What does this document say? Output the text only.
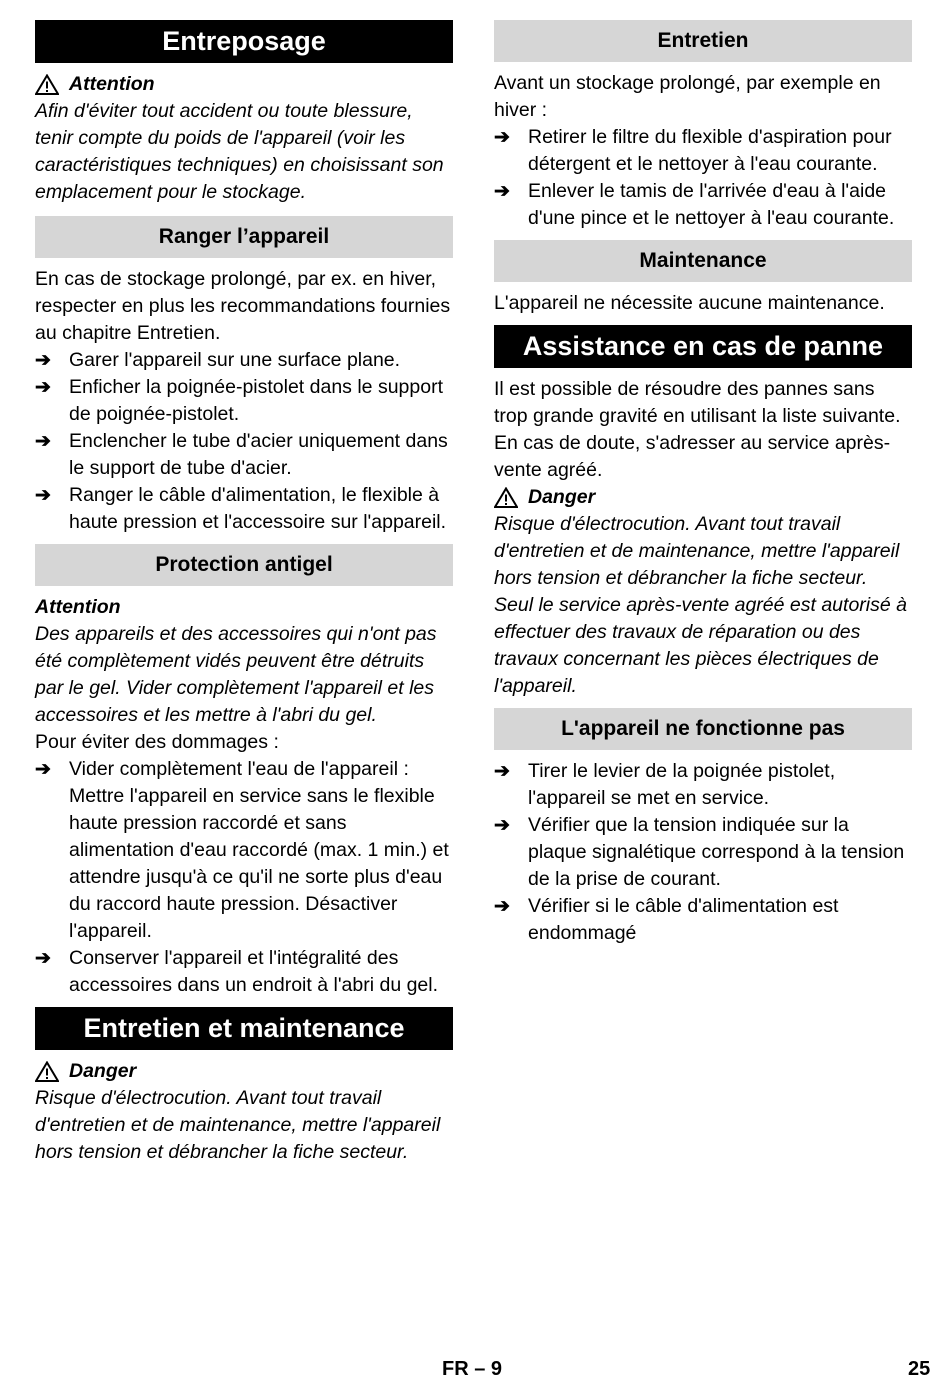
Entreposage
Attention

Afin d'éviter tout accident ou toute blessure, tenir compte du poids de l'appareil (voir les caractéristiques techniques) en choisissant son emplacement pour le stockage.

Ranger l’appareil

En cas de stockage prolongé, par ex. en hiver, respecter en plus les recommandations fournies au chapitre Entretien.

➔ Garer l'appareil sur une surface plane.
➔ Enficher la poignée-pistolet dans le support de poignée-pistolet.
➔ Enclencher le tube d'acier uniquement dans le support de tube d'acier.
➔ Ranger le câble d'alimentation, le flexible à haute pression et l'accessoire sur l'appareil.
Protection antigel
Attention

Des appareils et des accessoires qui n'ont pas été complètement vidés peuvent être détruits par le gel. Vider complètement l'appareil et les accessoires et les mettre à l'abri du gel.

Pour éviter des dommages :

➔ Vider complètement l'eau de l'appareil : Mettre l'appareil en service sans le flexible haute pression raccordé et sans alimentation d'eau raccordé (max. 1 min.) et attendre jusqu'à ce qu'il ne sorte plus d'eau du raccord haute pression. Désactiver l'appareil.
➔ Conserver l'appareil et l'intégralité des accessoires dans un endroit à l'abri du gel.
Entretien et maintenance
Danger

Risque d'électrocution. Avant tout travail d'entretien et de maintenance, mettre l'appareil hors tension et débrancher la fiche secteur.

Entretien

Avant un stockage prolongé, par exemple en hiver :

➔ Retirer le filtre du flexible d'aspiration pour détergent et le nettoyer à l'eau courante.
➔ Enlever le tamis de l'arrivée d'eau à l'aide d'une pince et le nettoyer à l'eau courante.
Maintenance

L'appareil ne nécessite aucune maintenance.

Assistance en cas de panne

Il est possible de résoudre des pannes sans trop grande gravité en utilisant la liste suivante.

En cas de doute, s'adresser au service après-vente agréé.

Danger

Risque d'électrocution. Avant tout travail d'entretien et de maintenance, mettre l'appareil hors tension et débrancher la fiche secteur.

Seul le service après-vente agréé est autorisé à effectuer des travaux de réparation ou des travaux concernant les pièces électriques de l'appareil.

L'appareil ne fonctionne pas
➔ Tirer le levier de la poignée pistolet, l'appareil se met en service.
➔ Vérifier que la tension indiquée sur la plaque signalétique correspond à la tension de la prise de courant.
➔ Vérifier si le câble d'alimentation est endommagé
FR – 9	25
